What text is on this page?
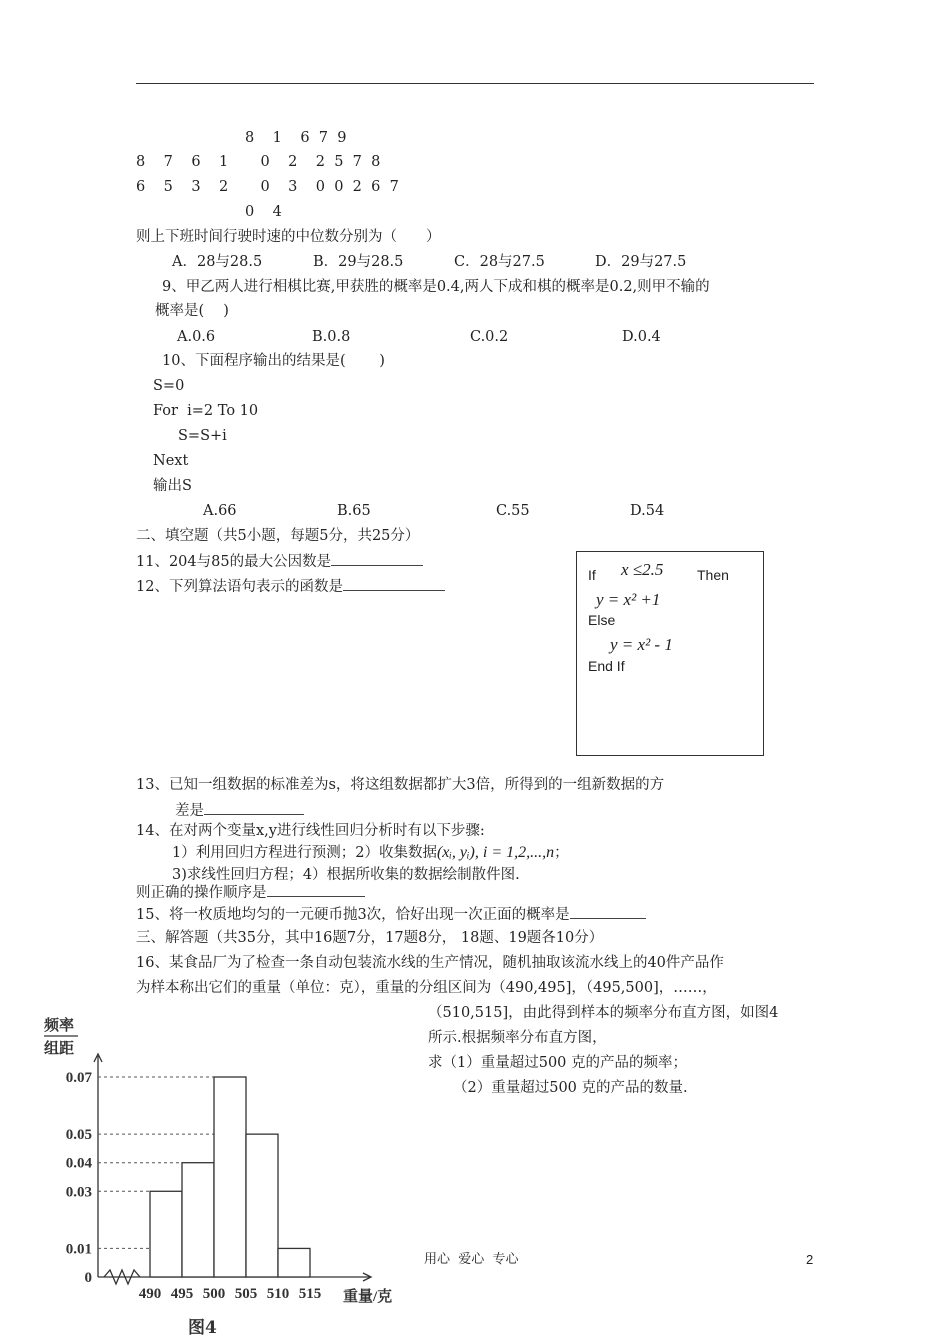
8    1    6  7  9
8    7    6    1       0    2    2  5  7  8
6    5    3    2       0    3    0  0  2  6  7
0    4
则上下班时间行驶时速的中位数分别为（　　）
A．28与28.5	B．29与28.5	C．28与27.5	D．29与27.5
9、甲乙两人进行相棋比赛,甲获胜的概率是0.4,两人下成和棋的概率是0.2,则甲不输的
概率是(　 )
A.0.6	B.0.8	C.0.2	D.0.4
10、下面程序输出的结果是(　　 )
S=0
For  i=2 To 10
S=S+i
Next
输出S
A.66	B.65	C.55	D.54
二、填空题（共5小题，每题5分，共25分）
11、204与85的最大公因数是
12、下列算法语句表示的函数是
If x ≤2.5 Then
y = x² +1
Else
y = x² - 1
End If
13、已知一组数据的标准差为s，将这组数据都扩大3倍，所得到的一组新数据的方
差是
14、在对两个变量x,y进行线性回归分析时有以下步骤:
1）利用回归方程进行预测；2）收集数据(xᵢ, yᵢ), i = 1,2,...,n；
3)求线性回归方程；4）根据所收集的数据绘制散件图.
则正确的操作顺序是
15、将一枚质地均匀的一元硬币抛3次，恰好出现一次正面的概率是
三、解答题（共35分，其中16题7分，17题8分， 18题、19题各10分）
16、某食品厂为了检查一条自动包装流水线的生产情况，随机抽取该流水线上的40件产品作
为样本称出它们的重量（单位：克），重量的分组区间为（490,495]，（495,500]，……，
（510,515]，由此得到样本的频率分布直方图，如图4
所示.根据频率分布直方图，
求（1）重量超过500 克的产品的频率；
（2）重量超过500 克的产品的数量.
用心  爱心  专心	2
频率
组距
0.07
0.05
0.04
0.03
0.01
0
490 495 500 505 510 515 重量/克
图4
